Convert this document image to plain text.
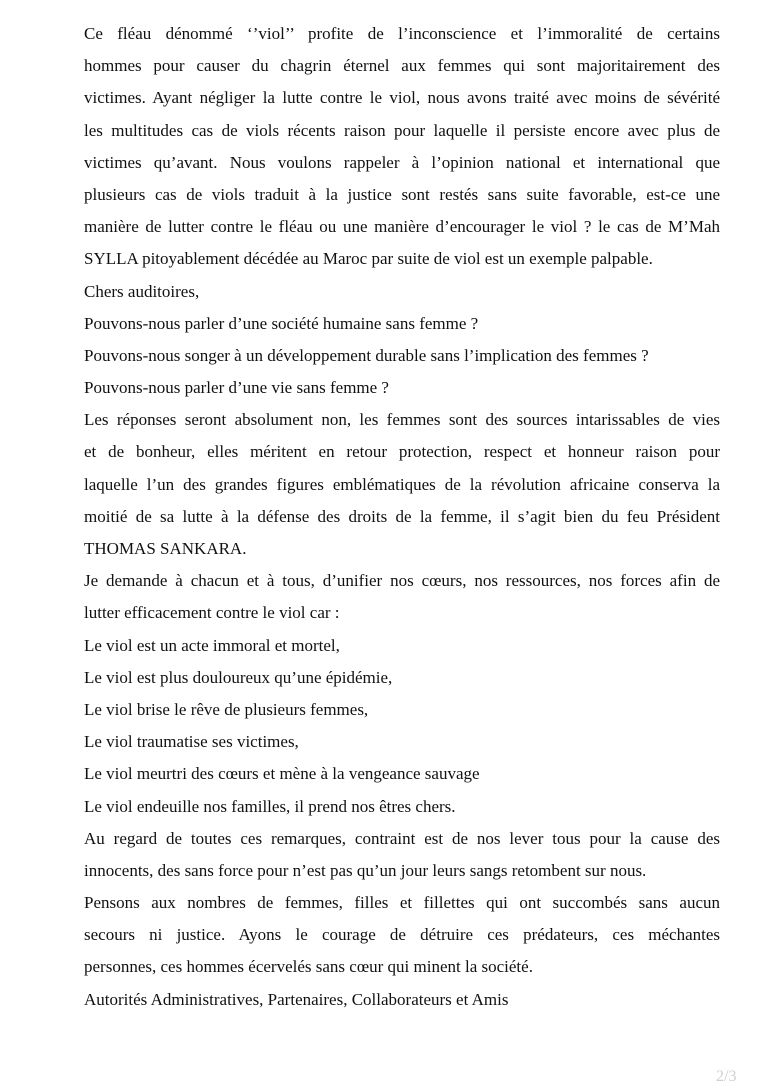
Ce fléau dénommé ‘’viol’’ profite de l’inconscience et l’immoralité de certains
hommes pour causer du chagrin éternel aux femmes qui sont majoritairement des
victimes. Ayant négliger la lutte contre le viol, nous avons traité avec moins de sévérité
les multitudes cas de viols récents raison pour laquelle il persiste encore avec plus de
victimes qu’avant. Nous voulons rappeler à l’opinion national et international que
plusieurs cas de viols traduit à la justice sont restés sans suite favorable, est-ce une
manière de lutter contre le fléau ou une manière d’encourager le viol ? le cas de M’Mah
SYLLA pitoyablement décédée au Maroc par suite de viol est un exemple palpable.
Chers auditoires,
Pouvons-nous parler d’une société humaine sans femme ?
Pouvons-nous songer à un développement durable sans l’implication des femmes ?
Pouvons-nous parler d’une vie sans femme ?
Les réponses seront absolument non, les femmes sont des sources intarissables de vies
et de bonheur, elles méritent en retour protection, respect et honneur raison pour
laquelle l’un des grandes figures emblématiques de la révolution africaine conserva la
moitié de sa lutte à la défense des droits de la femme, il s’agit bien du feu Président
THOMAS SANKARA.
Je demande à chacun et à tous, d’unifier nos cœurs, nos ressources, nos forces afin de
lutter efficacement contre le viol car :
Le viol est un acte immoral et mortel,
Le viol est plus douloureux qu’une épidémie,
Le viol brise le rêve de plusieurs femmes,
Le viol traumatise ses victimes,
Le viol meurtri des cœurs et mène à la vengeance sauvage
Le viol endeuille nos familles, il prend nos êtres chers.
Au regard de toutes ces remarques, contraint est de nos lever tous pour la cause des
innocents, des sans force pour n’est pas qu’un jour leurs sangs retombent sur nous.
Pensons aux nombres de femmes, filles et fillettes qui ont succombés sans aucun
secours ni justice. Ayons le courage de détruire ces prédateurs, ces méchantes
personnes, ces hommes écervelés sans cœur qui minent la société.
Autorités Administratives, Partenaires, Collaborateurs et Amis
2/3
